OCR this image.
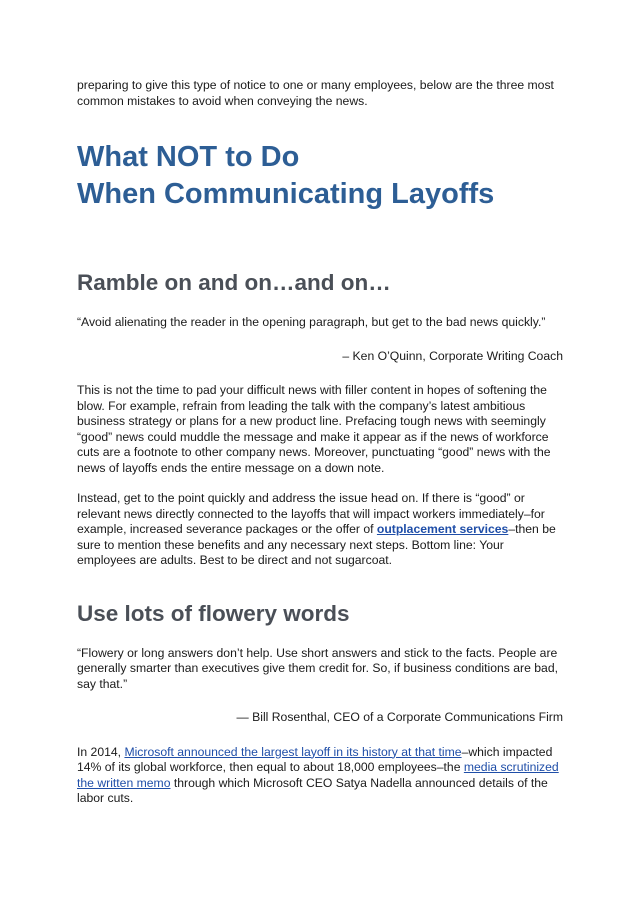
preparing to give this type of notice to one or many employees, below are the three most common mistakes to avoid when conveying the news.

What NOT to Do
When Communicating Layoffs
Ramble on and on…and on…

“Avoid alienating the reader in the opening paragraph, but get to the bad news quickly.”

– Ken O’Quinn, Corporate Writing Coach

This is not the time to pad your difficult news with filler content in hopes of softening the blow. For example, refrain from leading the talk with the company’s latest ambitious business strategy or plans for a new product line. Prefacing tough news with seemingly “good” news could muddle the message and make it appear as if the news of workforce cuts are a footnote to other company news. Moreover, punctuating “good” news with the news of layoffs ends the entire message on a down note.

Instead, get to the point quickly and address the issue head on. If there is “good” or relevant news directly connected to the layoffs that will impact workers immediately–for example, increased severance packages or the offer of outplacement services–then be sure to mention these benefits and any necessary next steps. Bottom line: Your employees are adults. Best to be direct and not sugarcoat.

Use lots of flowery words

“Flowery or long answers don’t help. Use short answers and stick to the facts. People are generally smarter than executives give them credit for. So, if business conditions are bad, say that.”

— Bill Rosenthal, CEO of a Corporate Communications Firm

In 2014, Microsoft announced the largest layoff in its history at that time–which impacted 14% of its global workforce, then equal to about 18,000 employees–the media scrutinized the written memo through which Microsoft CEO Satya Nadella announced details of the labor cuts.
